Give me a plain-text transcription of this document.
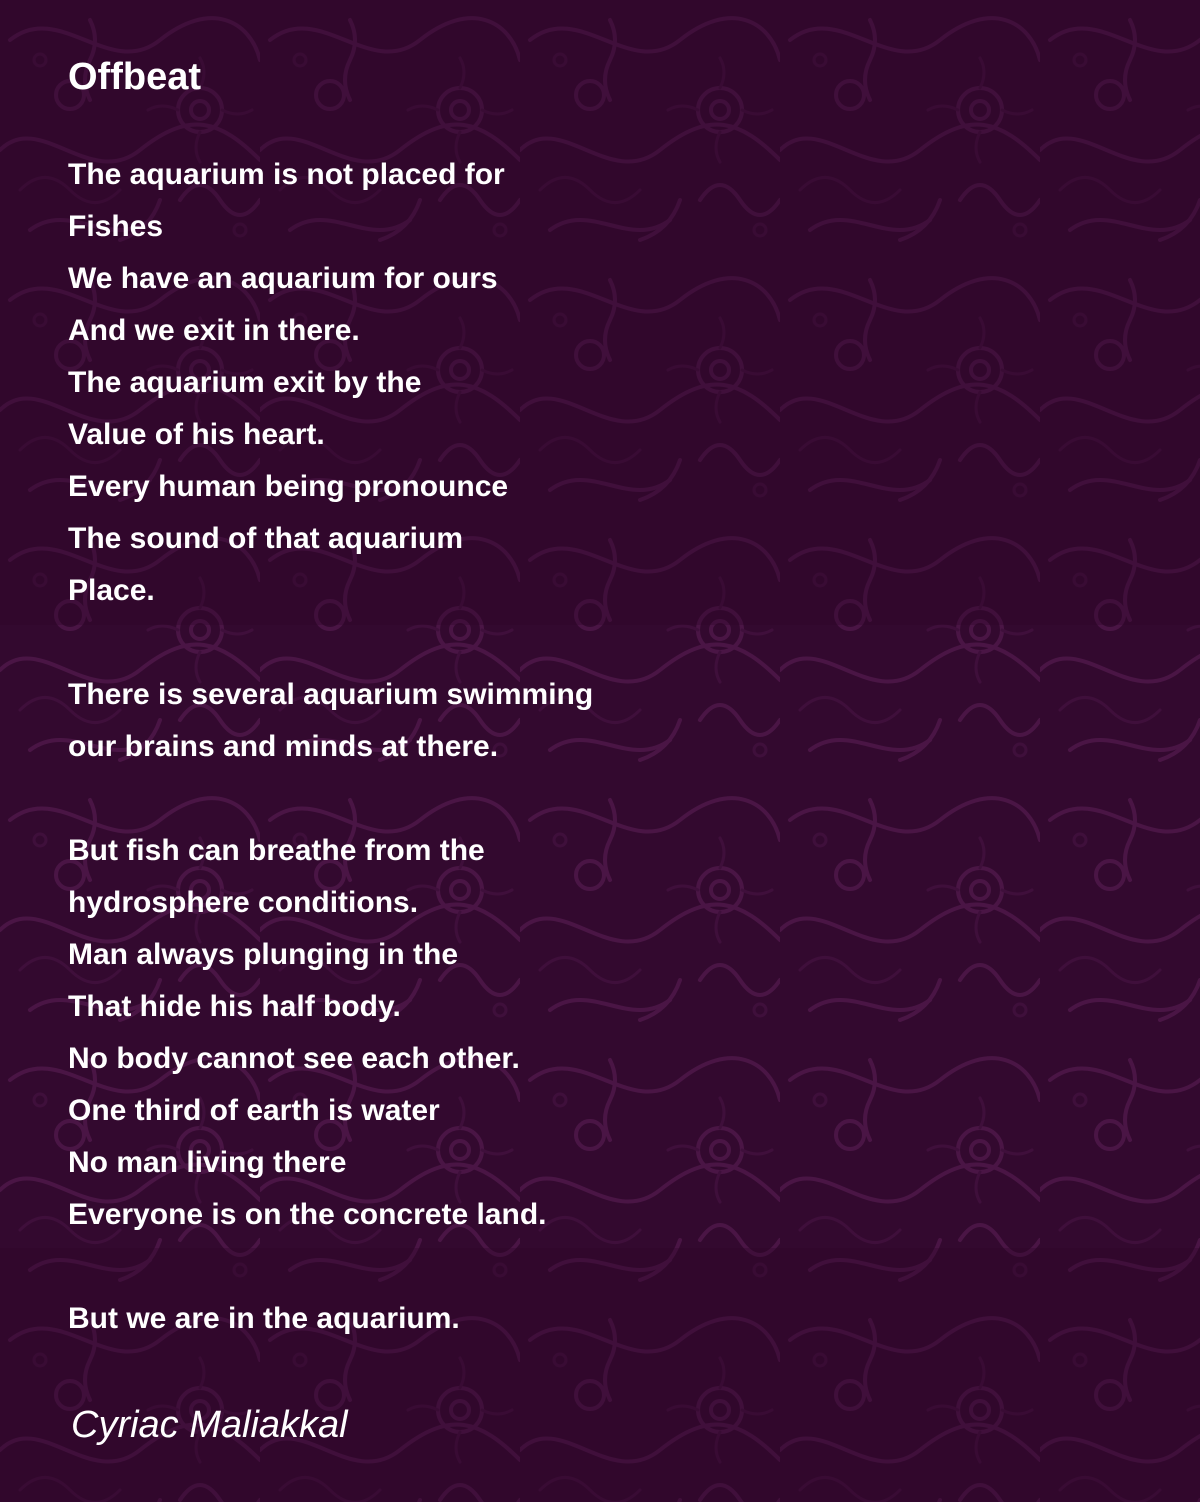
Offbeat
The aquarium is not placed for
Fishes
We have an aquarium for ours
And we exit in there.
The aquarium exit by the
Value of his heart.
Every human being pronounce
The sound of that aquarium
Place.
There is several aquarium swimming
our brains and minds at there.
But fish can breathe from the
hydrosphere conditions.
Man always plunging in the
That hide his half body.
No body cannot see each other.
One third of earth is water
No man living there
Everyone is on the concrete land.
But we are in the aquarium.

Cyriac Maliakkal
